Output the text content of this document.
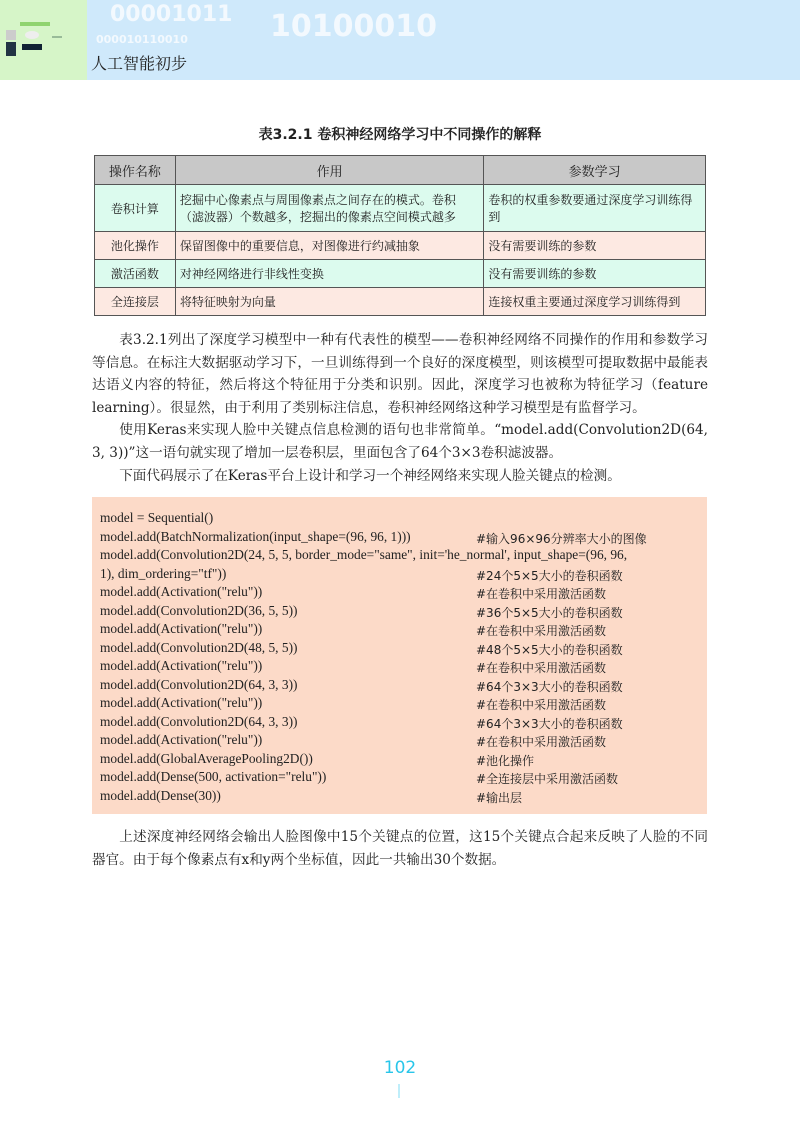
00001011 10100010
000010110010
人工智能初步
表3.2.1 卷积神经网络学习中不同操作的解释
操作名称	作用	参数学习
卷积计算	挖掘中心像素点与周围像素点之间存在的模式。卷积（滤波器）个数越多，挖掘出的像素点空间模式越多	卷积的权重参数要通过深度学习训练得到
池化操作	保留图像中的重要信息，对图像进行约减抽象	没有需要训练的参数
激活函数	对神经网络进行非线性变换	没有需要训练的参数
全连接层	将特征映射为向量	连接权重主要通过深度学习训练得到

表3.2.1列出了深度学习模型中一种有代表性的模型——卷积神经网络不同操作的作用和参数学习等信息。在标注大数据驱动学习下，一旦训练得到一个良好的深度模型，则该模型可提取数据中最能表达语义内容的特征，然后将这个特征用于分类和识别。因此，深度学习也被称为特征学习（feature learning）。很显然，由于利用了类别标注信息，卷积神经网络这种学习模型是有监督学习。

使用Keras来实现人脸中关键点信息检测的语句也非常简单。“model.add(Convolution2D(64, 3, 3))”这一语句就实现了增加一层卷积层，里面包含了64个3×3卷积滤波器。

下面代码展示了在Keras平台上设计和学习一个神经网络来实现人脸关键点的检测。

model = Sequential()
model.add(BatchNormalization(input_shape=(96, 96, 1)))	#输入96×96分辨率大小的图像
model.add(Convolution2D(24, 5, 5, border_mode="same", init='he_normal', input_shape=(96, 96,
1), dim_ordering="tf"))	#24个5×5大小的卷积函数
model.add(Activation("relu"))	#在卷积中采用激活函数
model.add(Convolution2D(36, 5, 5))	#36个5×5大小的卷积函数
model.add(Activation("relu"))	#在卷积中采用激活函数
model.add(Convolution2D(48, 5, 5))	#48个5×5大小的卷积函数
model.add(Activation("relu"))	#在卷积中采用激活函数
model.add(Convolution2D(64, 3, 3))	#64个3×3大小的卷积函数
model.add(Activation("relu"))	#在卷积中采用激活函数
model.add(Convolution2D(64, 3, 3))	#64个3×3大小的卷积函数
model.add(Activation("relu"))	#在卷积中采用激活函数
model.add(GlobalAveragePooling2D())	#池化操作
model.add(Dense(500, activation="relu"))	#全连接层中采用激活函数
model.add(Dense(30))	#输出层

上述深度神经网络会输出人脸图像中15个关键点的位置，这15个关键点合起来反映了人脸的不同器官。由于每个像素点有x和y两个坐标值，因此一共输出30个数据。

102
